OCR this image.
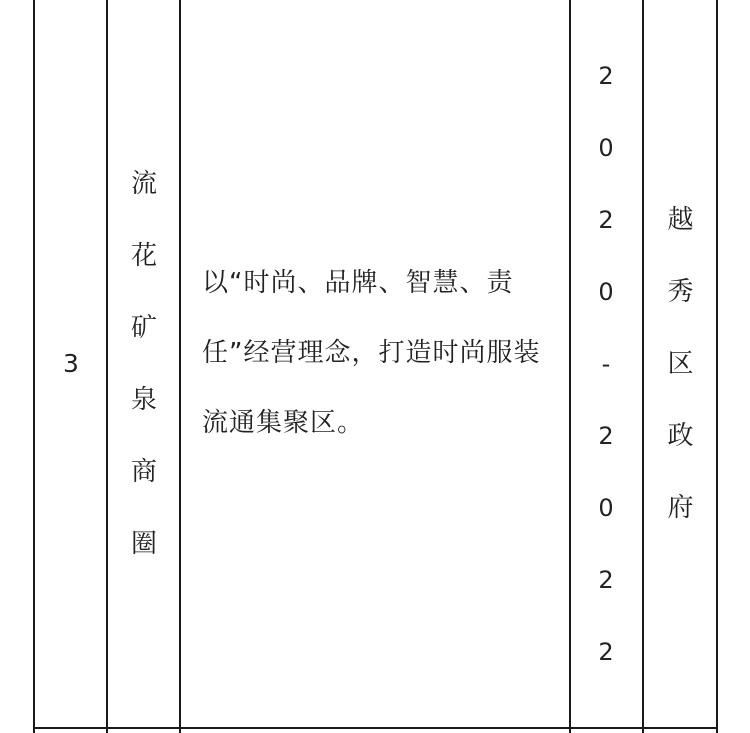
3
流
花
矿
泉
商
圈
以“时尚、品牌、智慧、责任”经营理念，打造时尚服装流通集聚区。
2
0
2
0
-
2
0
2
2
越
秀
区
政
府
